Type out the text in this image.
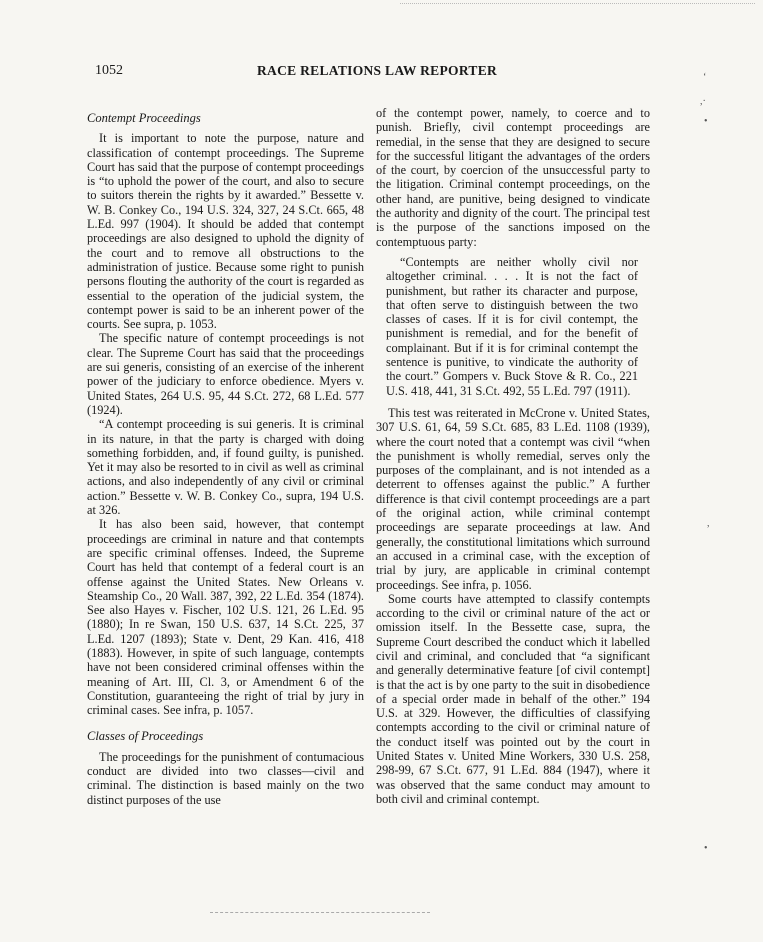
1052	RACE RELATIONS LAW REPORTER	‘
,·
•
,
•
Contempt Proceedings

It is important to note the purpose, nature and classification of contempt proceedings. The Supreme Court has said that the purpose of contempt proceedings is “to uphold the power of the court, and also to secure to suitors therein the rights by it awarded.” Bessette v. W. B. Conkey Co., 194 U.S. 324, 327, 24 S.Ct. 665, 48 L.Ed. 997 (1904). It should be added that contempt proceedings are also designed to uphold the dignity of the court and to remove all obstructions to the administration of justice. Because some right to punish persons flouting the authority of the court is regarded as essential to the operation of the judicial system, the contempt power is said to be an inherent power of the courts. See supra, p. 1053.

The specific nature of contempt proceedings is not clear. The Supreme Court has said that the proceedings are sui generis, consisting of an exercise of the inherent power of the judiciary to enforce obedience. Myers v. United States, 264 U.S. 95, 44 S.Ct. 272, 68 L.Ed. 577 (1924).

“A contempt proceeding is sui generis. It is criminal in its nature, in that the party is charged with doing something forbidden, and, if found guilty, is punished. Yet it may also be resorted to in civil as well as criminal actions, and also independently of any civil or criminal action.” Bessette v. W. B. Conkey Co., supra, 194 U.S. at 326.

It has also been said, however, that contempt proceedings are criminal in nature and that contempts are specific criminal offenses. Indeed, the Supreme Court has held that contempt of a federal court is an offense against the United States. New Orleans v. Steamship Co., 20 Wall. 387, 392, 22 L.Ed. 354 (1874). See also Hayes v. Fischer, 102 U.S. 121, 26 L.Ed. 95 (1880); In re Swan, 150 U.S. 637, 14 S.Ct. 225, 37 L.Ed. 1207 (1893); State v. Dent, 29 Kan. 416, 418 (1883). However, in spite of such language, contempts have not been considered criminal offenses within the meaning of Art. III, Cl. 3, or Amendment 6 of the Constitution, guaranteeing the right of trial by jury in criminal cases. See infra, p. 1057.

Classes of Proceedings

The proceedings for the punishment of contumacious conduct are divided into two classes—civil and criminal. The distinction is based mainly on the two distinct purposes of the use

of the contempt power, namely, to coerce and to punish. Briefly, civil contempt proceedings are remedial, in the sense that they are designed to secure for the successful litigant the advantages of the orders of the court, by coercion of the unsuccessful party to the litigation. Criminal contempt proceedings, on the other hand, are punitive, being designed to vindicate the authority and dignity of the court. The principal test is the purpose of the sanctions imposed on the contemptuous party:

“Contempts are neither wholly civil nor altogether criminal. . . . It is not the fact of punishment, but rather its character and purpose, that often serve to distinguish between the two classes of cases. If it is for civil contempt, the punishment is remedial, and for the benefit of complainant. But if it is for criminal contempt the sentence is punitive, to vindicate the authority of the court.” Gompers v. Buck Stove & R. Co., 221 U.S. 418, 441, 31 S.Ct. 492, 55 L.Ed. 797 (1911).

This test was reiterated in McCrone v. United States, 307 U.S. 61, 64, 59 S.Ct. 685, 83 L.Ed. 1108 (1939), where the court noted that a contempt was civil “when the punishment is wholly remedial, serves only the purposes of the complainant, and is not intended as a deterrent to offenses against the public.” A further difference is that civil contempt proceedings are a part of the original action, while criminal contempt proceedings are separate proceedings at law. And generally, the constitutional limitations which surround an accused in a criminal case, with the exception of trial by jury, are applicable in criminal contempt proceedings. See infra, p. 1056.

Some courts have attempted to classify contempts according to the civil or criminal nature of the act or omission itself. In the Bessette case, supra, the Supreme Court described the conduct which it labelled civil and criminal, and concluded that “a significant and generally determinative feature [of civil contempt] is that the act is by one party to the suit in disobedience of a special order made in behalf of the other.” 194 U.S. at 329. However, the difficulties of classifying contempts according to the civil or criminal nature of the conduct itself was pointed out by the court in United States v. United Mine Workers, 330 U.S. 258, 298-99, 67 S.Ct. 677, 91 L.Ed. 884 (1947), where it was observed that the same conduct may amount to both civil and criminal contempt.
